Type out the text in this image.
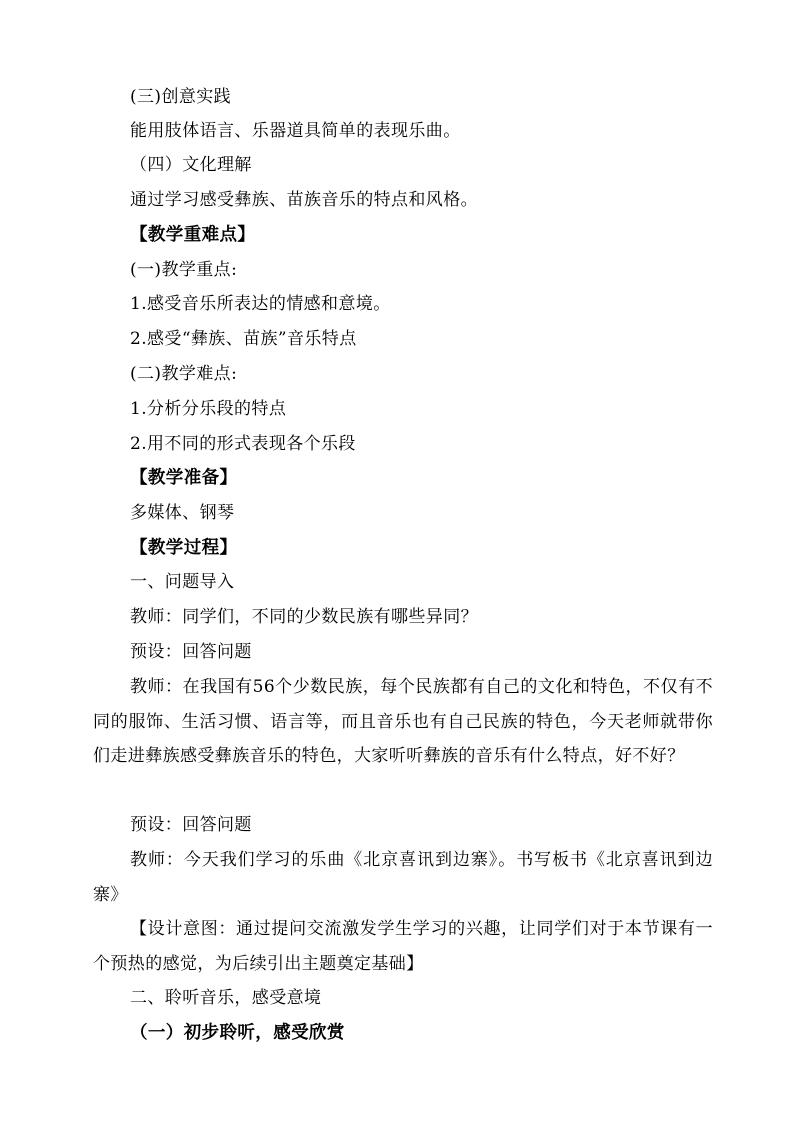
(三)创意实践
能用肢体语言、乐器道具简单的表现乐曲。
（四）文化理解
通过学习感受彝族、苗族音乐的特点和风格。
【教学重难点】
(一)教学重点:
1.感受音乐所表达的情感和意境。
2.感受“彝族、苗族”音乐特点
(二)教学难点:
1.分析分乐段的特点
2.用不同的形式表现各个乐段
【教学准备】
多媒体、钢琴
【教学过程】
一、问题导入
教师：同学们，不同的少数民族有哪些异同？
预设：回答问题
教师：在我国有56个少数民族，每个民族都有自己的文化和特色，不仅有不同的服饰、生活习惯、语言等，而且音乐也有自己民族的特色，今天老师就带你们走进彝族感受彝族音乐的特色，大家听听彝族的音乐有什么特点，好不好？
预设：回答问题
教师：今天我们学习的乐曲《北京喜讯到边寨》。书写板书《北京喜讯到边寨》
【设计意图：通过提问交流激发学生学习的兴趣，让同学们对于本节课有一个预热的感觉，为后续引出主题奠定基础】
二、聆听音乐，感受意境
（一）初步聆听，感受欣赏
